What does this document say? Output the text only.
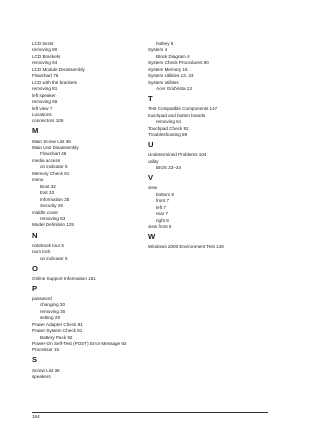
LCD bezel
removing 80
LCD Brackets
removing 84
LCD Module Disassembly
Flowchart 76
LCD with the brackets
removing 81
left speaker
removing 66
left view 7
Locations
connectors 105
M
Main Screw List 38
Main Unit Disassembly
Flowchart 46
media access
on indicator 5
Memory Check 91
menu
Boot 32
Exit 33
Information 25
Security 28
middle cover
removing 53
Model Definition 125
N
notebook tour 5
num lock
on indicator 5
O
Online Support Information 151
P
password
changing 30
removing 30
setting 29
Power Adapter Check 91
Power System Check 91
Battery Pack 92
Power-On Self-Test (POST) Error Message 92
Processor 15
S
Screw List 38
speakers
hotkey 8
System 4
Block Diagram 4
System Check Procedures 90
System Memory 15
System Utilities 13, 23
System utilities
Acer GridVista 13
T
Test Compatible Components 147
touchpad and button boards
removing 61
Touchpad Check 92
Troubleshooting 89
U
Undetermined Problems 104
utility
BIOS 23–34
V
view
bottom 8
front 7
left 7
rear 7
right 8
view front 5
W
Windows 2000 Environment Test 148
154
